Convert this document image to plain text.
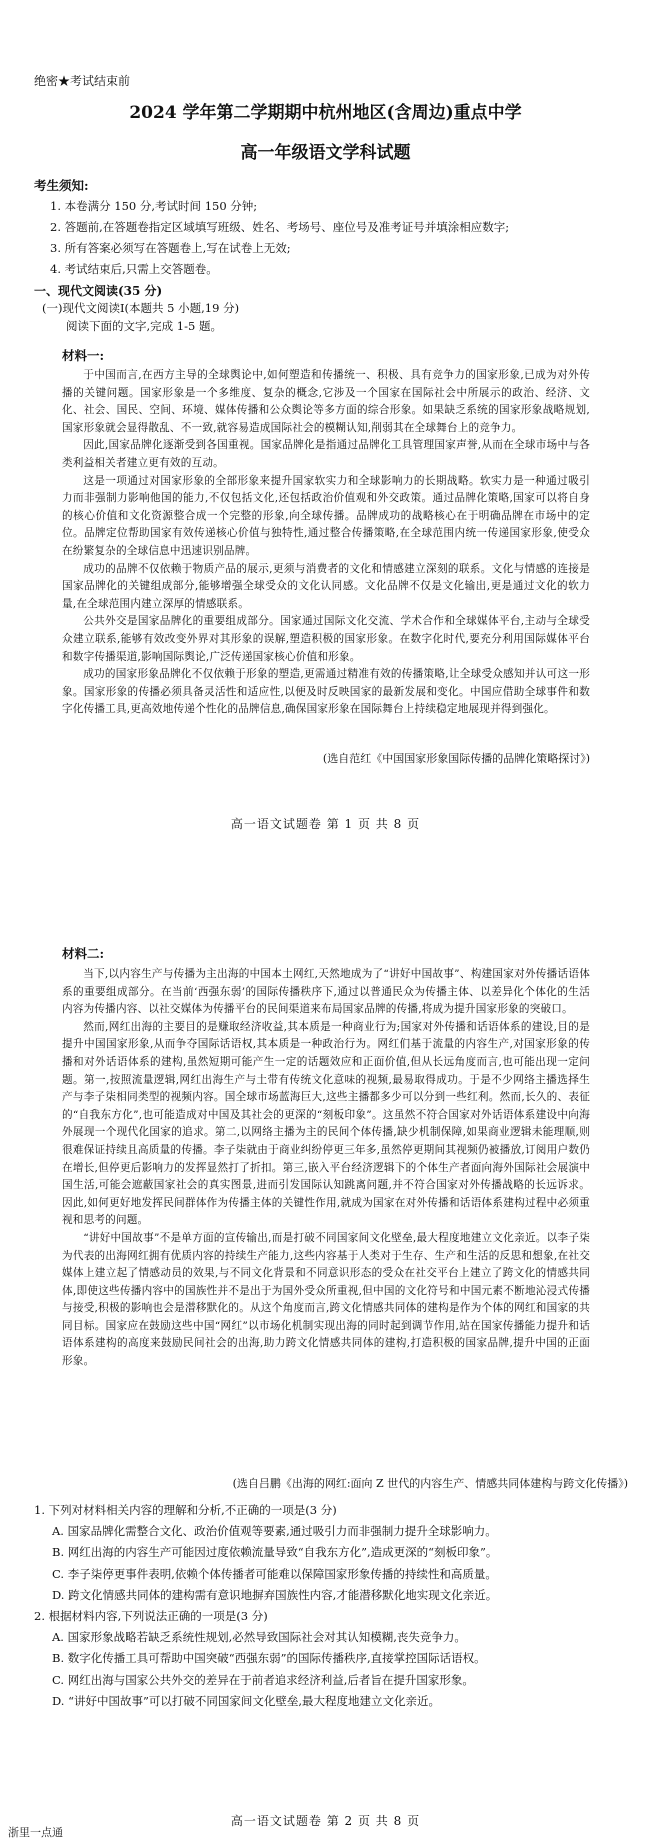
绝密★考试结束前
2024 学年第二学期期中杭州地区(含周边)重点中学
高一年级语文学科试题
考生须知:
1. 本卷满分 150 分,考试时间 150 分钟;
2. 答题前,在答题卷指定区域填写班级、姓名、考场号、座位号及准考证号并填涂相应数字;
3. 所有答案必须写在答题卷上,写在试卷上无效;
4. 考试结束后,只需上交答题卷。
一、现代文阅读(35 分)
(一)现代文阅读Ⅰ(本题共 5 小题,19 分)
阅读下面的文字,完成 1-5 题。
材料一:

于中国而言,在西方主导的全球舆论中,如何塑造和传播统一、积极、具有竞争力的国家形象,已成为对外传播的关键问题。国家形象是一个多维度、复杂的概念,它涉及一个国家在国际社会中所展示的政治、经济、文化、社会、国民、空间、环境、媒体传播和公众舆论等多方面的综合形象。如果缺乏系统的国家形象战略规划,国家形象就会显得散乱、不一致,就容易造成国际社会的模糊认知,削弱其在全球舞台上的竞争力。

因此,国家品牌化逐渐受到各国重视。国家品牌化是指通过品牌化工具管理国家声誉,从而在全球市场中与各类利益相关者建立更有效的互动。

这是一项通过对国家形象的全部形象来提升国家软实力和全球影响力的长期战略。软实力是一种通过吸引力而非强制力影响他国的能力,不仅包括文化,还包括政治价值观和外交政策。通过品牌化策略,国家可以将自身的核心价值和文化资源整合成一个完整的形象,向全球传播。品牌成功的战略核心在于明确品牌在市场中的定位。品牌定位帮助国家有效传递核心价值与独特性,通过整合传播策略,在全球范围内统一传递国家形象,使受众在纷繁复杂的全球信息中迅速识别品牌。

成功的品牌不仅依赖于物质产品的展示,更须与消费者的文化和情感建立深刻的联系。文化与情感的连接是国家品牌化的关键组成部分,能够增强全球受众的文化认同感。文化品牌不仅是文化输出,更是通过文化的软力量,在全球范围内建立深厚的情感联系。

公共外交是国家品牌化的重要组成部分。国家通过国际文化交流、学术合作和全球媒体平台,主动与全球受众建立联系,能够有效改变外界对其形象的误解,塑造积极的国家形象。在数字化时代,要充分利用国际媒体平台和数字传播渠道,影响国际舆论,广泛传递国家核心价值和形象。

成功的国家形象品牌化不仅依赖于形象的塑造,更需通过精准有效的传播策略,让全球受众感知并认可这一形象。国家形象的传播必须具备灵活性和适应性,以便及时反映国家的最新发展和变化。中国应借助全球事件和数字化传播工具,更高效地传递个性化的品牌信息,确保国家形象在国际舞台上持续稳定地展现并得到强化。

(选自范红《中国国家形象国际传播的品牌化策略探讨》)
高一语文试题卷 第 1 页 共 8 页
材料二:

当下,以内容生产与传播为主出海的中国本土网红,天然地成为了“讲好中国故事”、构建国家对外传播话语体系的重要组成部分。在当前‘西强东弱’的国际传播秩序下,通过以普通民众为传播主体、以差异化个体化的生活内容为传播内容、以社交媒体为传播平台的民间渠道来布局国家品牌的传播,将成为提升国家形象的突破口。

然而,网红出海的主要目的是赚取经济收益,其本质是一种商业行为;国家对外传播和话语体系的建设,目的是提升中国国家形象,从而争夺国际话语权,其本质是一种政治行为。网红们基于流量的内容生产,对国家形象的传播和对外话语体系的建构,虽然短期可能产生一定的话题效应和正面价值,但从长远角度而言,也可能出现一定问题。第一,按照流量逻辑,网红出海生产与土带有传统文化意味的视频,最易取得成功。于是不少网络主播选择生产与李子柒相同类型的视频内容。国全球市场蓝海巨大,这些主播都多少可以分到一些红利。然而,长久的、表征的“自我东方化”,也可能造成对中国及其社会的更深的“刻板印象”。这虽然不符合国家对外话语体系建设中向海外展现一个现代化国家的追求。第二,以网络主播为主的民间个体传播,缺少机制保障,如果商业逻辑未能理顺,则很难保证持续且高质量的传播。李子柒就由于商业纠纷停更三年多,虽然停更期间其视频仍被播放,订阅用户数仍在增长,但停更后影响力的发挥显然打了折扣。第三,嵌入平台经济逻辑下的个体生产者面向海外国际社会展演中国生活,可能会遮蔽国家社会的真实图景,进而引发国际认知跳离问题,并不符合国家对外传播战略的长远诉求。因此,如何更好地发挥民间群体作为传播主体的关键性作用,就成为国家在对外传播和话语体系建构过程中必须重视和思考的问题。

“讲好中国故事”不是单方面的宣传输出,而是打破不同国家间文化壁垒,最大程度地建立文化亲近。以李子柒为代表的出海网红拥有优质内容的持续生产能力,这些内容基于人类对于生存、生产和生活的反思和想象,在社交媒体上建立起了情感动员的效果,与不同文化背景和不同意识形态的受众在社交平台上建立了跨文化的情感共同体,即使这些传播内容中的国族性并不是出于为国外受众所重视,但中国的文化符号和中国元素不断地沁浸式传播与接受,积极的影响也会是潜移默化的。从这个角度而言,跨文化情感共同体的建构是作为个体的网红和国家的共同目标。国家应在鼓励这些中国“网红”以市场化机制实现出海的同时起到调节作用,站在国家传播能力提升和话语体系建构的高度来鼓励民间社会的出海,助力跨文化情感共同体的建构,打造积极的国家品牌,提升中国的正面形象。

(选自吕鹏《出海的网红:面向 Z 世代的内容生产、情感共同体建构与跨文化传播》)
1. 下列对材料相关内容的理解和分析,不正确的一项是(3 分)
A. 国家品牌化需整合文化、政治价值观等要素,通过吸引力而非强制力提升全球影响力。
B. 网红出海的内容生产可能因过度依赖流量导致“自我东方化”,造成更深的“刻板印象”。
C. 李子柒停更事件表明,依赖个体传播者可能难以保障国家形象传播的持续性和高质量。
D. 跨文化情感共同体的建构需有意识地摒弃国族性内容,才能潜移默化地实现文化亲近。
2. 根据材料内容,下列说法正确的一项是(3 分)
A. 国家形象战略若缺乏系统性规划,必然导致国际社会对其认知模糊,丧失竞争力。
B. 数字化传播工具可帮助中国突破“西强东弱”的国际传播秩序,直接掌控国际话语权。
C. 网红出海与国家公共外交的差异在于前者追求经济利益,后者旨在提升国家形象。
D. “讲好中国故事”可以打破不同国家间文化壁垒,最大程度地建立文化亲近。
高一语文试题卷 第 2 页 共 8 页
浙里一点通
